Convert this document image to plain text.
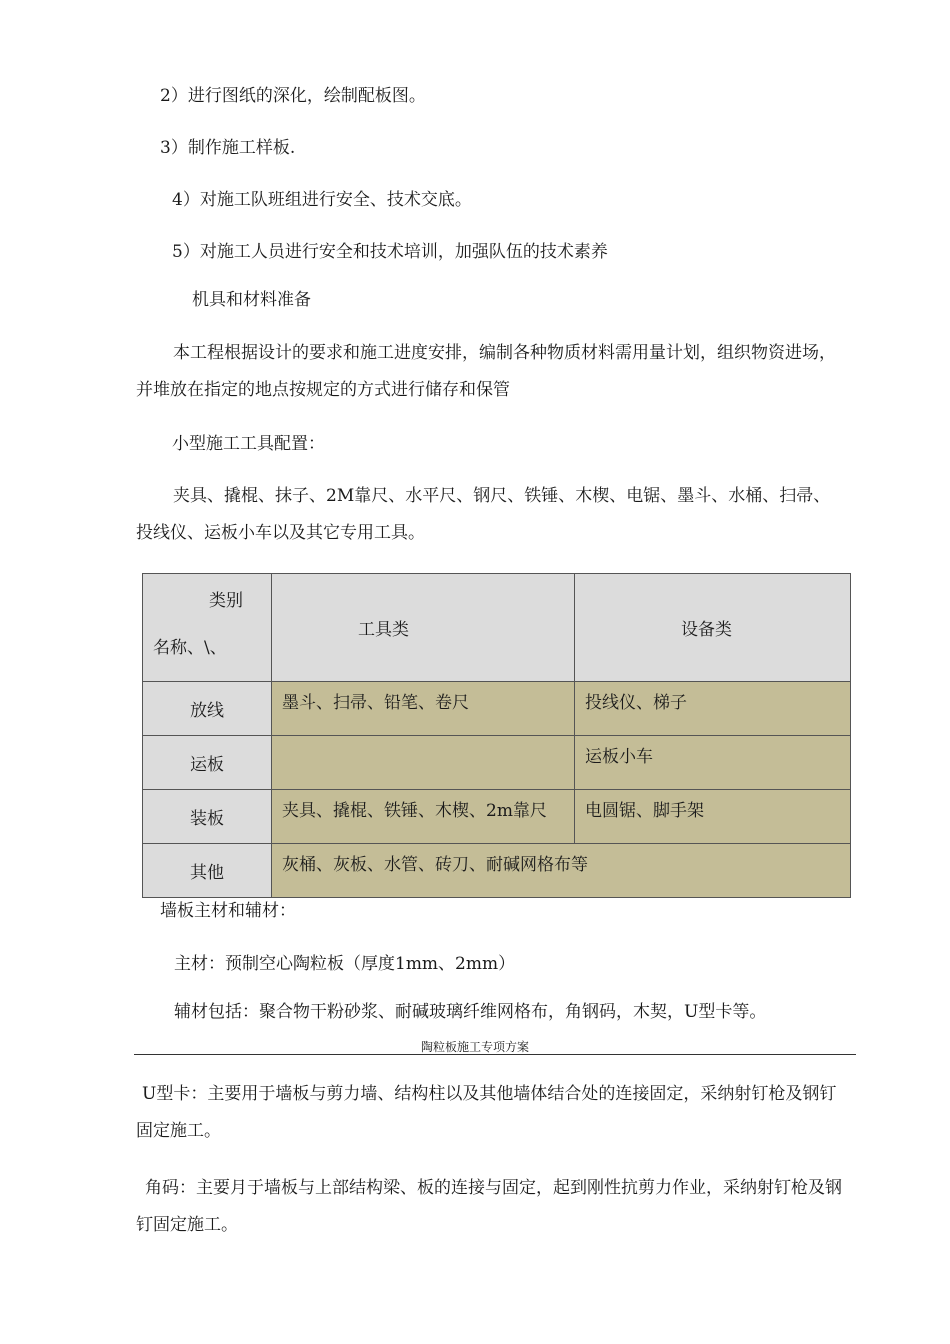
2）进行图纸的深化，绘制配板图。
3）制作施工样板.
4）对施工队班组进行安全、技术交底。
5）对施工人员进行安全和技术培训，加强队伍的技术素养
机具和材料准备
本工程根据设计的要求和施工进度安排，编制各种物质材料需用量计划，组织物资进场，并堆放在指定的地点按规定的方式进行储存和保管
小型施工工具配置：
夹具、撬棍、抹子、2M靠尺、水平尺、钢尺、铁锤、木楔、电锯、墨斗、水桶、扫帚、投线仪、运板小车以及其它专用工具。
类别
名称、\、	工具类	设备类

放线	墨斗、扫帚、铅笔、卷尺	投线仪、梯子

运板		运板小车

装板	夹具、撬棍、铁锤、木楔、2m靠尺	电圆锯、脚手架

其他	灰桶、灰板、水管、砖刀、耐碱网格布等	
墙板主材和辅材：
主材：预制空心陶粒板（厚度1mm、2mm）
辅材包括：聚合物干粉砂浆、耐碱玻璃纤维网格布，角钢码，木契，U型卡等。
陶粒板施工专项方案
U型卡：主要用于墙板与剪力墙、结构柱以及其他墙体结合处的连接固定，采纳射钉枪及钢钉固定施工。
角码：主要月于墙板与上部结构梁、板的连接与固定，起到刚性抗剪力作业，采纳射钉枪及钢钉固定施工。
